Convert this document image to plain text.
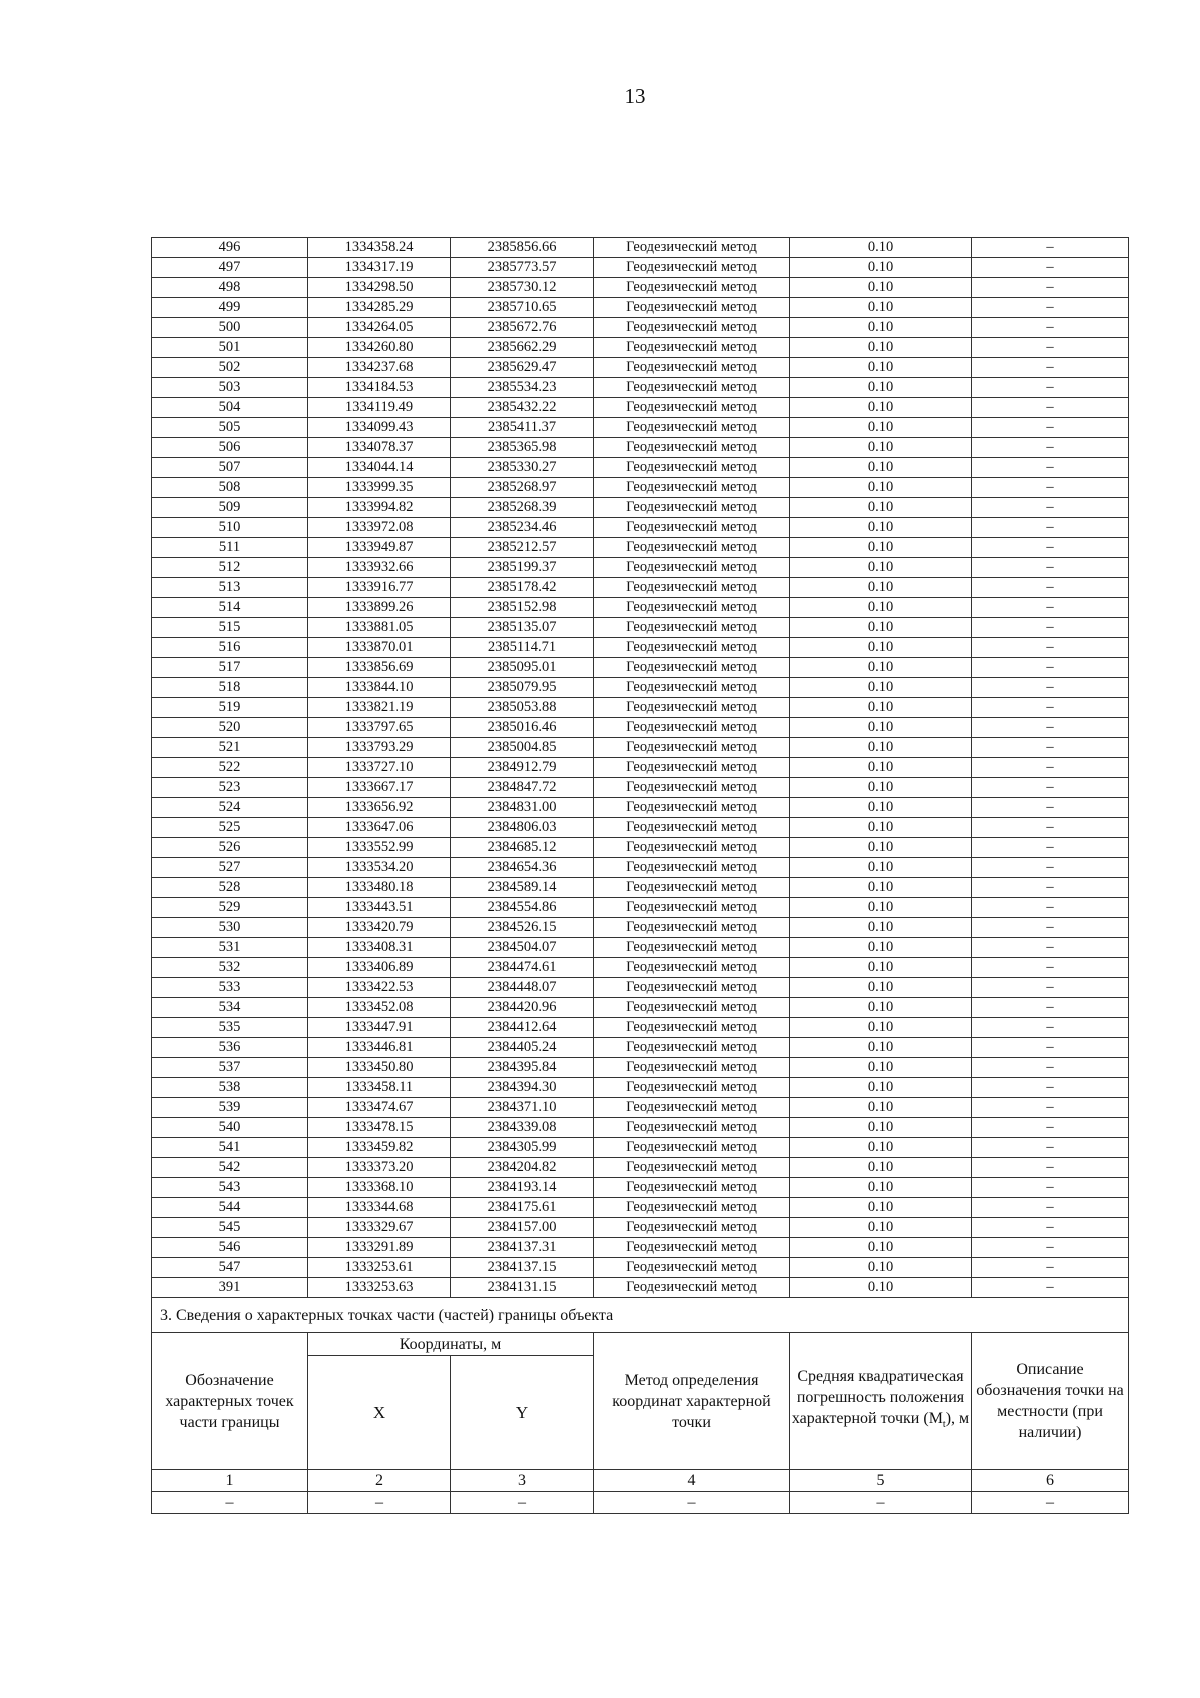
13
496	1334358.24	2385856.66	Геодезический метод	0.10	–
497	1334317.19	2385773.57	Геодезический метод	0.10	–
498	1334298.50	2385730.12	Геодезический метод	0.10	–
499	1334285.29	2385710.65	Геодезический метод	0.10	–
500	1334264.05	2385672.76	Геодезический метод	0.10	–
501	1334260.80	2385662.29	Геодезический метод	0.10	–
502	1334237.68	2385629.47	Геодезический метод	0.10	–
503	1334184.53	2385534.23	Геодезический метод	0.10	–
504	1334119.49	2385432.22	Геодезический метод	0.10	–
505	1334099.43	2385411.37	Геодезический метод	0.10	–
506	1334078.37	2385365.98	Геодезический метод	0.10	–
507	1334044.14	2385330.27	Геодезический метод	0.10	–
508	1333999.35	2385268.97	Геодезический метод	0.10	–
509	1333994.82	2385268.39	Геодезический метод	0.10	–
510	1333972.08	2385234.46	Геодезический метод	0.10	–
511	1333949.87	2385212.57	Геодезический метод	0.10	–
512	1333932.66	2385199.37	Геодезический метод	0.10	–
513	1333916.77	2385178.42	Геодезический метод	0.10	–
514	1333899.26	2385152.98	Геодезический метод	0.10	–
515	1333881.05	2385135.07	Геодезический метод	0.10	–
516	1333870.01	2385114.71	Геодезический метод	0.10	–
517	1333856.69	2385095.01	Геодезический метод	0.10	–
518	1333844.10	2385079.95	Геодезический метод	0.10	–
519	1333821.19	2385053.88	Геодезический метод	0.10	–
520	1333797.65	2385016.46	Геодезический метод	0.10	–
521	1333793.29	2385004.85	Геодезический метод	0.10	–
522	1333727.10	2384912.79	Геодезический метод	0.10	–
523	1333667.17	2384847.72	Геодезический метод	0.10	–
524	1333656.92	2384831.00	Геодезический метод	0.10	–
525	1333647.06	2384806.03	Геодезический метод	0.10	–
526	1333552.99	2384685.12	Геодезический метод	0.10	–
527	1333534.20	2384654.36	Геодезический метод	0.10	–
528	1333480.18	2384589.14	Геодезический метод	0.10	–
529	1333443.51	2384554.86	Геодезический метод	0.10	–
530	1333420.79	2384526.15	Геодезический метод	0.10	–
531	1333408.31	2384504.07	Геодезический метод	0.10	–
532	1333406.89	2384474.61	Геодезический метод	0.10	–
533	1333422.53	2384448.07	Геодезический метод	0.10	–
534	1333452.08	2384420.96	Геодезический метод	0.10	–
535	1333447.91	2384412.64	Геодезический метод	0.10	–
536	1333446.81	2384405.24	Геодезический метод	0.10	–
537	1333450.80	2384395.84	Геодезический метод	0.10	–
538	1333458.11	2384394.30	Геодезический метод	0.10	–
539	1333474.67	2384371.10	Геодезический метод	0.10	–
540	1333478.15	2384339.08	Геодезический метод	0.10	–
541	1333459.82	2384305.99	Геодезический метод	0.10	–
542	1333373.20	2384204.82	Геодезический метод	0.10	–
543	1333368.10	2384193.14	Геодезический метод	0.10	–
544	1333344.68	2384175.61	Геодезический метод	0.10	–
545	1333329.67	2384157.00	Геодезический метод	0.10	–
546	1333291.89	2384137.31	Геодезический метод	0.10	–
547	1333253.61	2384137.15	Геодезический метод	0.10	–
391	1333253.63	2384131.15	Геодезический метод	0.10	–
3. Сведения о характерных точках части (частей) границы объекта					
Обозначение характерных точек части границы	Координаты, м		Метод определения координат характерной точки	Средняя квадратическая погрешность положения характерной точки $(M_t)$, м	Описание обозначения точки на местности (при наличии)
	X	Y			
1	2	3	4	5	6
–	–	–	–	–	–
